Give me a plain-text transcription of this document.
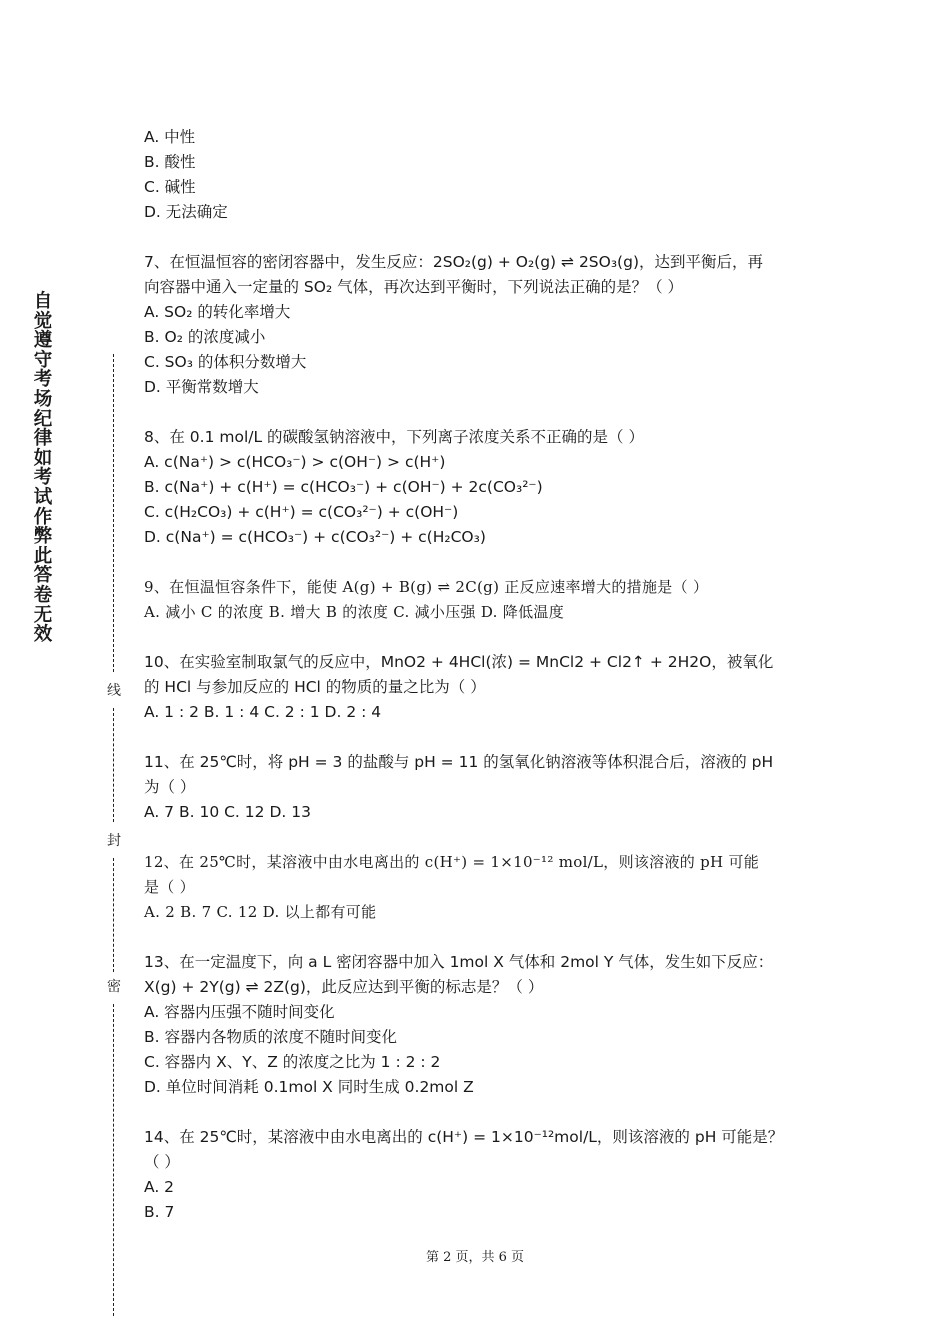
自
觉
遵
守
考
场
纪
律
如
考
试
作
弊
此
答
卷
无
效
线
封
密

A. 中性

B. 酸性

C. 碱性

D. 无法确定

7、在恒温恒容的密闭容器中，发生反应：2SO₂(g) + O₂(g) ⇌ 2SO₃(g)，达到平衡后，再

向容器中通入一定量的 SO₂ 气体，再次达到平衡时，下列说法正确的是？（ ）

A. SO₂ 的转化率增大

B. O₂ 的浓度减小

C. SO₃ 的体积分数增大

D. 平衡常数增大

8、在 0.1 mol/L 的碳酸氢钠溶液中，下列离子浓度关系不正确的是（ ）

A. c(Na⁺) > c(HCO₃⁻) > c(OH⁻) > c(H⁺)

B. c(Na⁺) + c(H⁺) = c(HCO₃⁻) + c(OH⁻) + 2c(CO₃²⁻)

C. c(H₂CO₃) + c(H⁺) = c(CO₃²⁻) + c(OH⁻)

D. c(Na⁺) = c(HCO₃⁻) + c(CO₃²⁻) + c(H₂CO₃)

9、在恒温恒容条件下，能使 A(g) + B(g) ⇌ 2C(g) 正反应速率增大的措施是（ ）

A. 减小 C 的浓度 B. 增大 B 的浓度 C. 减小压强 D. 降低温度

10、在实验室制取氯气的反应中，MnO2 + 4HCl(浓) = MnCl2 + Cl2↑ + 2H2O，被氧化

的 HCl 与参加反应的 HCl 的物质的量之比为（ ）

A. 1 : 2 B. 1 : 4 C. 2 : 1 D. 2 : 4

11、在 25℃时，将 pH = 3 的盐酸与 pH = 11 的氢氧化钠溶液等体积混合后，溶液的 pH

为（ ）

A. 7 B. 10 C. 12 D. 13

12、在 25℃时，某溶液中由水电离出的 c(H⁺) = 1×10⁻¹² mol/L，则该溶液的 pH 可能

是（ ）

A. 2 B. 7 C. 12 D. 以上都有可能

13、在一定温度下，向 a L 密闭容器中加入 1mol X 气体和 2mol Y 气体，发生如下反应：

X(g) + 2Y(g) ⇌ 2Z(g)，此反应达到平衡的标志是？（ ）

A. 容器内压强不随时间变化

B. 容器内各物质的浓度不随时间变化

C. 容器内 X、Y、Z 的浓度之比为 1 : 2 : 2

D. 单位时间消耗 0.1mol X 同时生成 0.2mol Z

14、在 25℃时，某溶液中由水电离出的 c(H⁺) = 1×10⁻¹²mol/L，则该溶液的 pH 可能是？

（ ）

A. 2

B. 7

第 2 页，共 6 页
